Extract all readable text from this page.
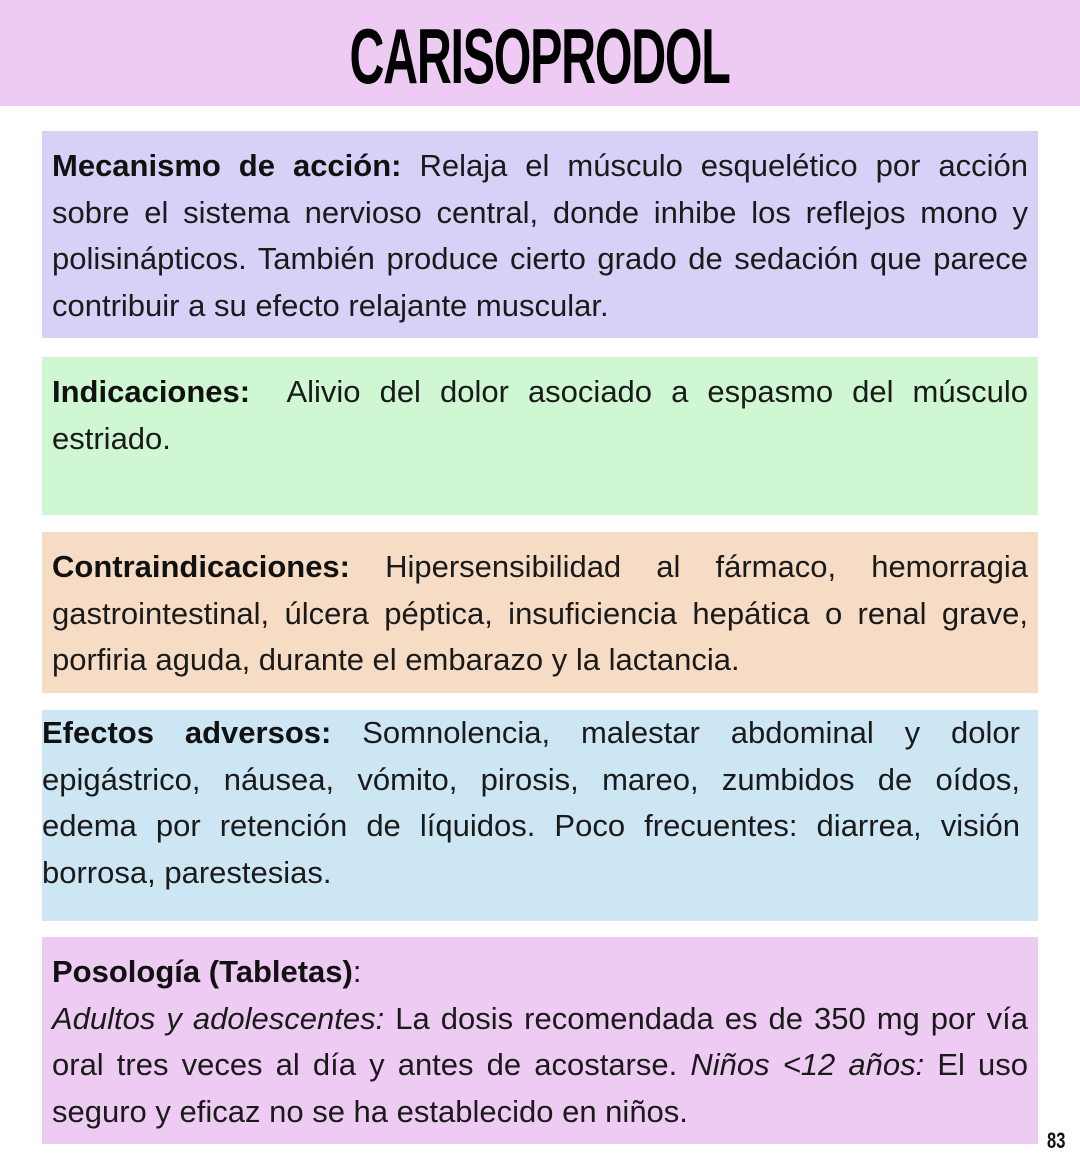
CARISOPRODOL
Mecanismo de acción: Relaja el músculo esquelético por acción sobre el sistema nervioso central, donde inhibe los reflejos mono y polisinápticos. También produce cierto grado de sedación que parece contribuir a su efecto relajante muscular.
Indicaciones:  Alivio del dolor asociado a espasmo del músculo estriado.
Contraindicaciones: Hipersensibilidad al fármaco, hemorragia gastrointestinal, úlcera péptica, insuficiencia hepática o renal grave, porfiria aguda, durante el embarazo y la lactancia.
Efectos adversos: Somnolencia, malestar abdominal y dolor epigástrico, náusea, vómito, pirosis, mareo, zumbidos de oídos, edema por retención de líquidos. Poco frecuentes: diarrea, visión borrosa, parestesias.
Posología (Tabletas):
Adultos y adolescentes: La dosis recomendada es de 350 mg por vía oral tres veces al día y antes de acostarse. Niños <12 años: El uso seguro y eficaz no se ha establecido en niños.
83
